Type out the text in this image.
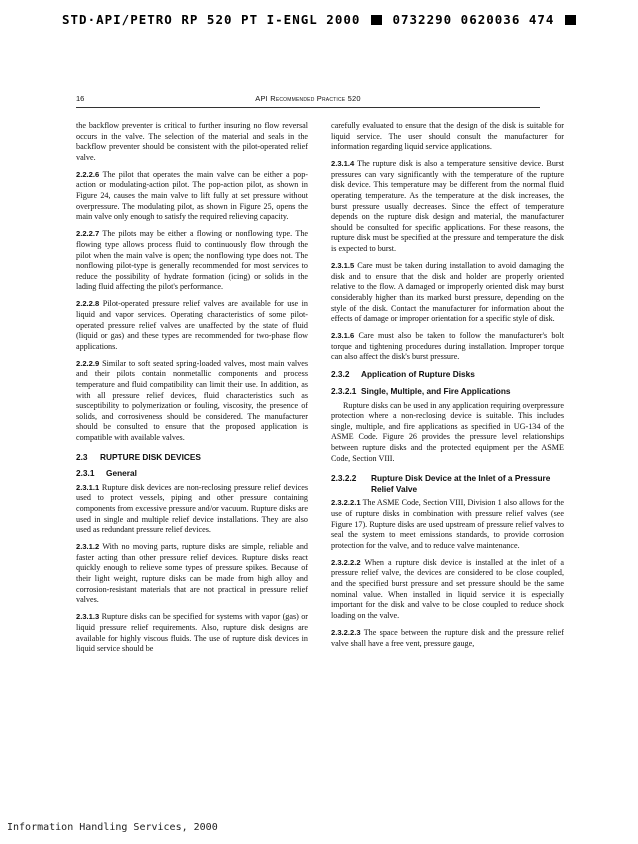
STD·API/PETRO RP 520 PT I-ENGL 2000	0732290 0620036 474
16	API Recommended Practice 520

the backflow preventer is critical to further insuring no flow reversal occurs in the valve. The selection of the material and seals in the backflow preventer should be consistent with the pilot-operated relief valve.

2.2.2.6 The pilot that operates the main valve can be either a pop-action or modulating-action pilot. The pop-action pilot, as shown in Figure 24, causes the main valve to lift fully at set pressure without overpressure. The modulating pilot, as shown in Figure 25, opens the main valve only enough to satisfy the required relieving capacity.

2.2.2.7 The pilots may be either a flowing or nonflowing type. The flowing type allows process fluid to continuously flow through the pilot when the main valve is open; the nonflowing type does not. The nonflowing pilot-type is generally recommended for most services to reduce the possibility of hydrate formation (icing) or solids in the lading fluid affecting the pilot's performance.

2.2.2.8 Pilot-operated pressure relief valves are available for use in liquid and vapor services. Operating characteristics of some pilot-operated pressure relief valves are unaffected by the state of fluid (liquid or gas) and these types are recommended for two-phase flow applications.

2.2.2.9 Similar to soft seated spring-loaded valves, most main valves and their pilots contain nonmetallic components and process temperature and fluid compatibility can limit their use. In addition, as with all pressure relief devices, fluid characteristics such as susceptibility to polymerization or fouling, viscosity, the presence of solids, and corrosiveness should be considered. The manufacturer should be consulted to ensure that the proposed application is compatible with available valves.

2.3 RUPTURE DISK DEVICES
2.3.1 General

2.3.1.1 Rupture disk devices are non-reclosing pressure relief devices used to protect vessels, piping and other pressure containing components from excessive pressure and/or vacuum. Rupture disks are used in single and multiple relief device installations. They are also used as redundant pressure relief devices.

2.3.1.2 With no moving parts, rupture disks are simple, reliable and faster acting than other pressure relief devices. Rupture disks react quickly enough to relieve some types of pressure spikes. Because of their light weight, rupture disks can be made from high alloy and corrosion-resistant materials that are not practical in pressure relief valves.

2.3.1.3 Rupture disks can be specified for systems with vapor (gas) or liquid pressure relief requirements. Also, rupture disk designs are available for highly viscous fluids. The use of rupture disk devices in liquid service should be

carefully evaluated to ensure that the design of the disk is suitable for liquid service. The user should consult the manufacturer for information regarding liquid service applications.

2.3.1.4 The rupture disk is also a temperature sensitive device. Burst pressures can vary significantly with the temperature of the rupture disk device. This temperature may be different from the normal fluid operating temperature. As the temperature at the disk increases, the burst pressure usually decreases. Since the effect of temperature depends on the rupture disk design and material, the manufacturer should be consulted for specific applications. For these reasons, the rupture disk must be specified at the pressure and temperature the disk is expected to burst.

2.3.1.5 Care must be taken during installation to avoid damaging the disk and to ensure that the disk and holder are properly oriented relative to the flow. A damaged or improperly oriented disk may burst considerably higher than its marked burst pressure, depending on the style of the disk. Contact the manufacturer for information about the effects of damage or improper orientation for a specific style of disk.

2.3.1.6 Care must also be taken to follow the manufacturer's bolt torque and tightening procedures during installation. Improper torque can also affect the disk's burst pressure.

2.3.2 Application of Rupture Disks
2.3.2.1 Single, Multiple, and Fire Applications

Rupture disks can be used in any application requiring overpressure protection where a non-reclosing device is suitable. This includes single, multiple, and fire applications as specified in UG-134 of the ASME Code. Figure 26 provides the pressure level relationships between rupture disks and the protected equipment per the ASME Code, Section VIII.

2.3.2.2	Rupture Disk Device at the Inlet of a Pressure Relief Valve

2.3.2.2.1 The ASME Code, Section VIII, Division 1 also allows for the use of rupture disks in combination with pressure relief valves (see Figure 17). Rupture disks are used upstream of pressure relief valves to seal the system to meet emissions standards, to provide corrosion protection for the valve, and to reduce valve maintenance.

2.3.2.2.2 When a rupture disk device is installed at the inlet of a pressure relief valve, the devices are considered to be close coupled, and the specified burst pressure and set pressure should be the same nominal value. When installed in liquid service it is especially important for the disk and valve to be close coupled to reduce shock loading on the valve.

2.3.2.2.3 The space between the rupture disk and the pressure relief valve shall have a free vent, pressure gauge,

Information Handling Services, 2000
